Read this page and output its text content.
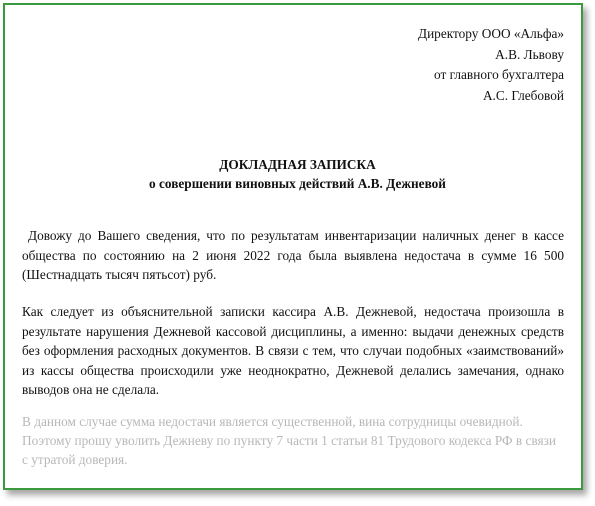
Директору ООО «Альфа»
А.В. Львову
от главного бухгалтера
А.С. Глебовой
ДОКЛАДНАЯ ЗАПИСКА
о совершении виновных действий А.В. Дежневой

Довожу до Вашего сведения, что по результатам инвентаризации наличных денег в кассе общества по состоянию на 2 июня 2022 года была выявлена недостача в сумме 16 500 (Шестнадцать тысяч пятьсот) руб.

Как следует из объяснительной записки кассира А.В. Дежневой, недостача произошла в результате нарушения Дежневой кассовой дисциплины, а именно: выдачи денежных средств без оформления расходных документов. В связи с тем, что случаи подобных «заимствований» из кассы общества происходили уже неоднократно, Дежневой делались замечания, однако выводов она не сделала.

В данном случае сумма недостачи является существенной, вина сотрудницы очевидной. Поэтому прошу уволить Дежневу по пункту 7 части 1 статьи 81 Трудового кодекса РФ в связи с утратой доверия.
